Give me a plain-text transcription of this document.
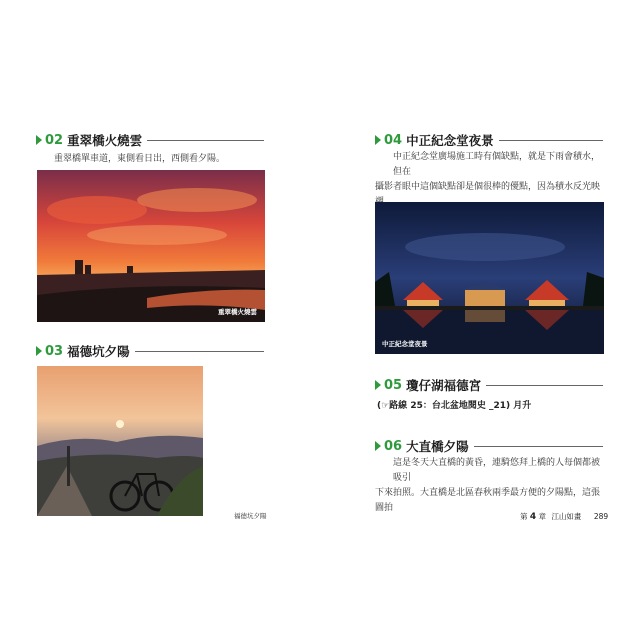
02 重翠橋火燒雲
重翠橋單車道，東側看日出，西側看夕陽。
重翠橋火燒雲
03 福德坑夕陽
福德坑夕陽
04 中正紀念堂夜景
中正紀念堂廣場施工時有個缺點，就是下雨會積水，但在
攝影者眼中這個缺點卻是個很棒的優點，因為積水反光映
中正紀念堂夜景
05 瓊仔湖福德宮
(☞路線 25：台北盆地閱史 _21) 月升
06 大直橋夕陽
這是冬天大直橋的黃昏，連騎悠拜上橋的人每個都被吸引
下來拍照。大直橋是北區春秋兩季最方便的夕陽點，這張圖拍
第 4 章 江山如畫 289
